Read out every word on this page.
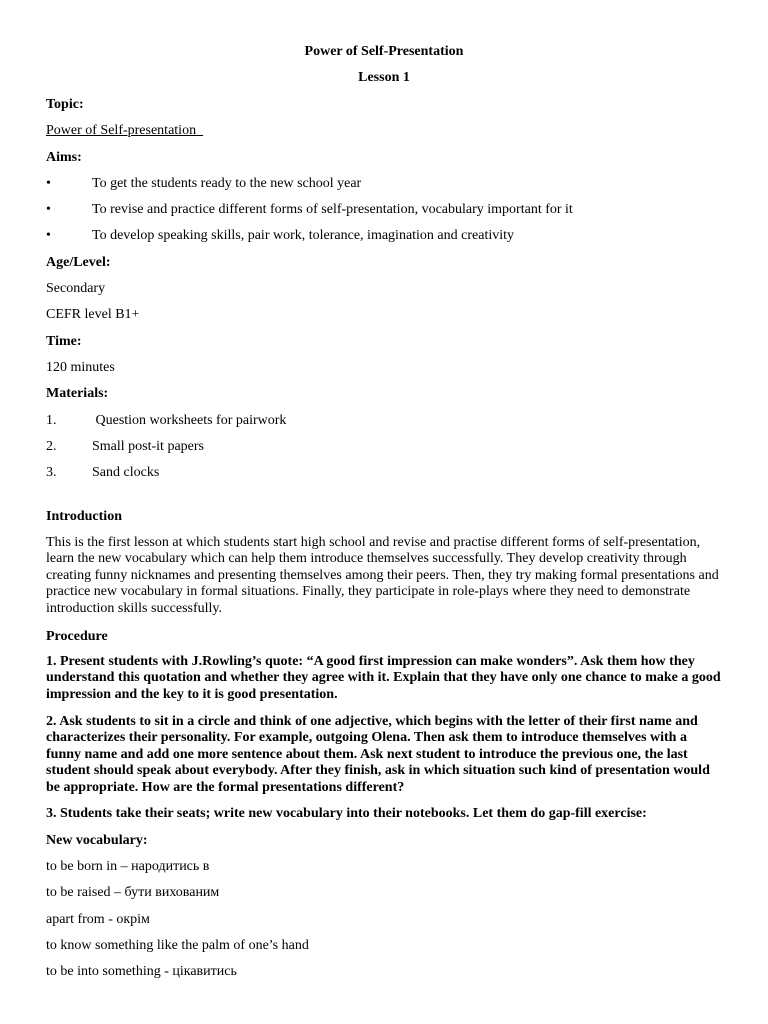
Power of Self-Presentation
Lesson 1
Topic:
Power of Self-presentation
Aims:
•	To get the students ready to the new school year
•	To revise and practice different forms of self-presentation, vocabulary important for it
•	To develop speaking skills, pair work, tolerance, imagination and creativity
Age/Level:
Secondary
CEFR level B1+
Time:
120 minutes
Materials:
1.	Question worksheets for pairwork
2.	Small post-it papers
3.	Sand clocks
Introduction
This is the first lesson at which students start high school and revise and practise different forms of self-presentation, learn the new vocabulary which can help them introduce themselves successfully. They develop creativity through creating funny nicknames and presenting themselves among their peers. Then, they try making formal presentations and practice new vocabulary in formal situations. Finally, they participate in role-plays where they need to demonstrate introduction skills successfully.
Procedure
1. Present students with J.Rowling’s quote: “A good first impression can make wonders”. Ask them how they understand this quotation and whether they agree with it. Explain that they have only one chance to make a good impression and the key to it is good presentation.
2. Ask students to sit in a circle and think of one adjective, which begins with the letter of their first name and characterizes their personality. For example, outgoing Olena. Then ask them to introduce themselves with a funny name and add one more sentence about them. Ask next student to introduce the previous one, the last student should speak about everybody. After they finish, ask in which situation such kind of presentation would be appropriate. How are the formal presentations different?
3. Students take their seats; write new vocabulary into their notebooks. Let them do gap-fill exercise:
New vocabulary:
to be born in – народитись в
to be raised – бути вихованим
apart from - окрім
to know something like the palm of one’s hand
to be into something - цікавитись
